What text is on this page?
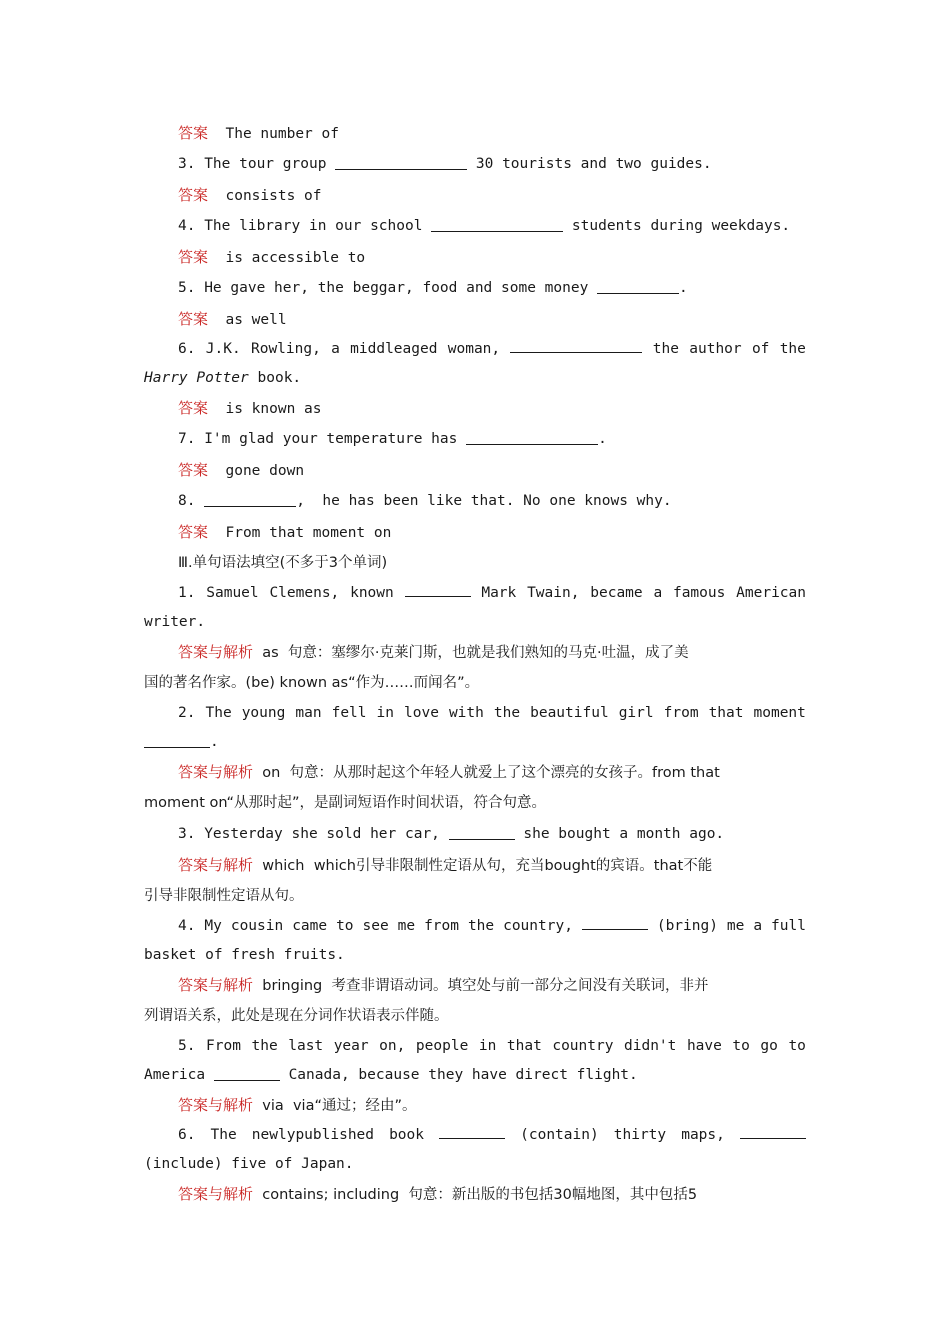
答案 The number of
3. The tour group	30 tourists and two guides.
答案 consists of
4. The library in our school	students during weekdays.
答案 is accessible to
5. He gave her, the beggar, food and some money	.
答案 as well
6. J.K. Rowling, a middleaged woman,	the author of the
Harry Potter book.
答案 is known as
7. I'm glad your temperature has	.
答案 gone down
8.	,  he has been like that. No one knows why.
答案 From that moment on
Ⅲ.单句语法填空(不多于3个单词)
1. Samuel Clemens, known	Mark Twain, became a famous American
writer.
答案与解析 as 句意：塞缪尔·克莱门斯，也就是我们熟知的马克·吐温，成了美
国的著名作家。(be) known as“作为……而闻名”。
2. The young man fell in love with the beautiful girl from that moment
.
答案与解析 on 句意：从那时起这个年轻人就爱上了这个漂亮的女孩子。from that
moment on“从那时起”，是副词短语作时间状语，符合句意。
3. Yesterday she sold her car,	she bought a month ago.
答案与解析 which which引导非限制性定语从句，充当bought的宾语。that不能
引导非限制性定语从句。
4. My cousin came to see me from the country,	(bring) me a full
basket of fresh fruits.
答案与解析 bringing 考查非谓语动词。填空处与前一部分之间没有关联词，非并
列谓语关系，此处是现在分词作状语表示伴随。
5. From the last year on, people in that country didn't have to go to
America	Canada, because they have direct flight.
答案与解析 via via“通过；经由”。
6. The newlypublished book	(contain) thirty maps,
(include) five of Japan.
答案与解析 contains; including 句意：新出版的书包括30幅地图，其中包括5
